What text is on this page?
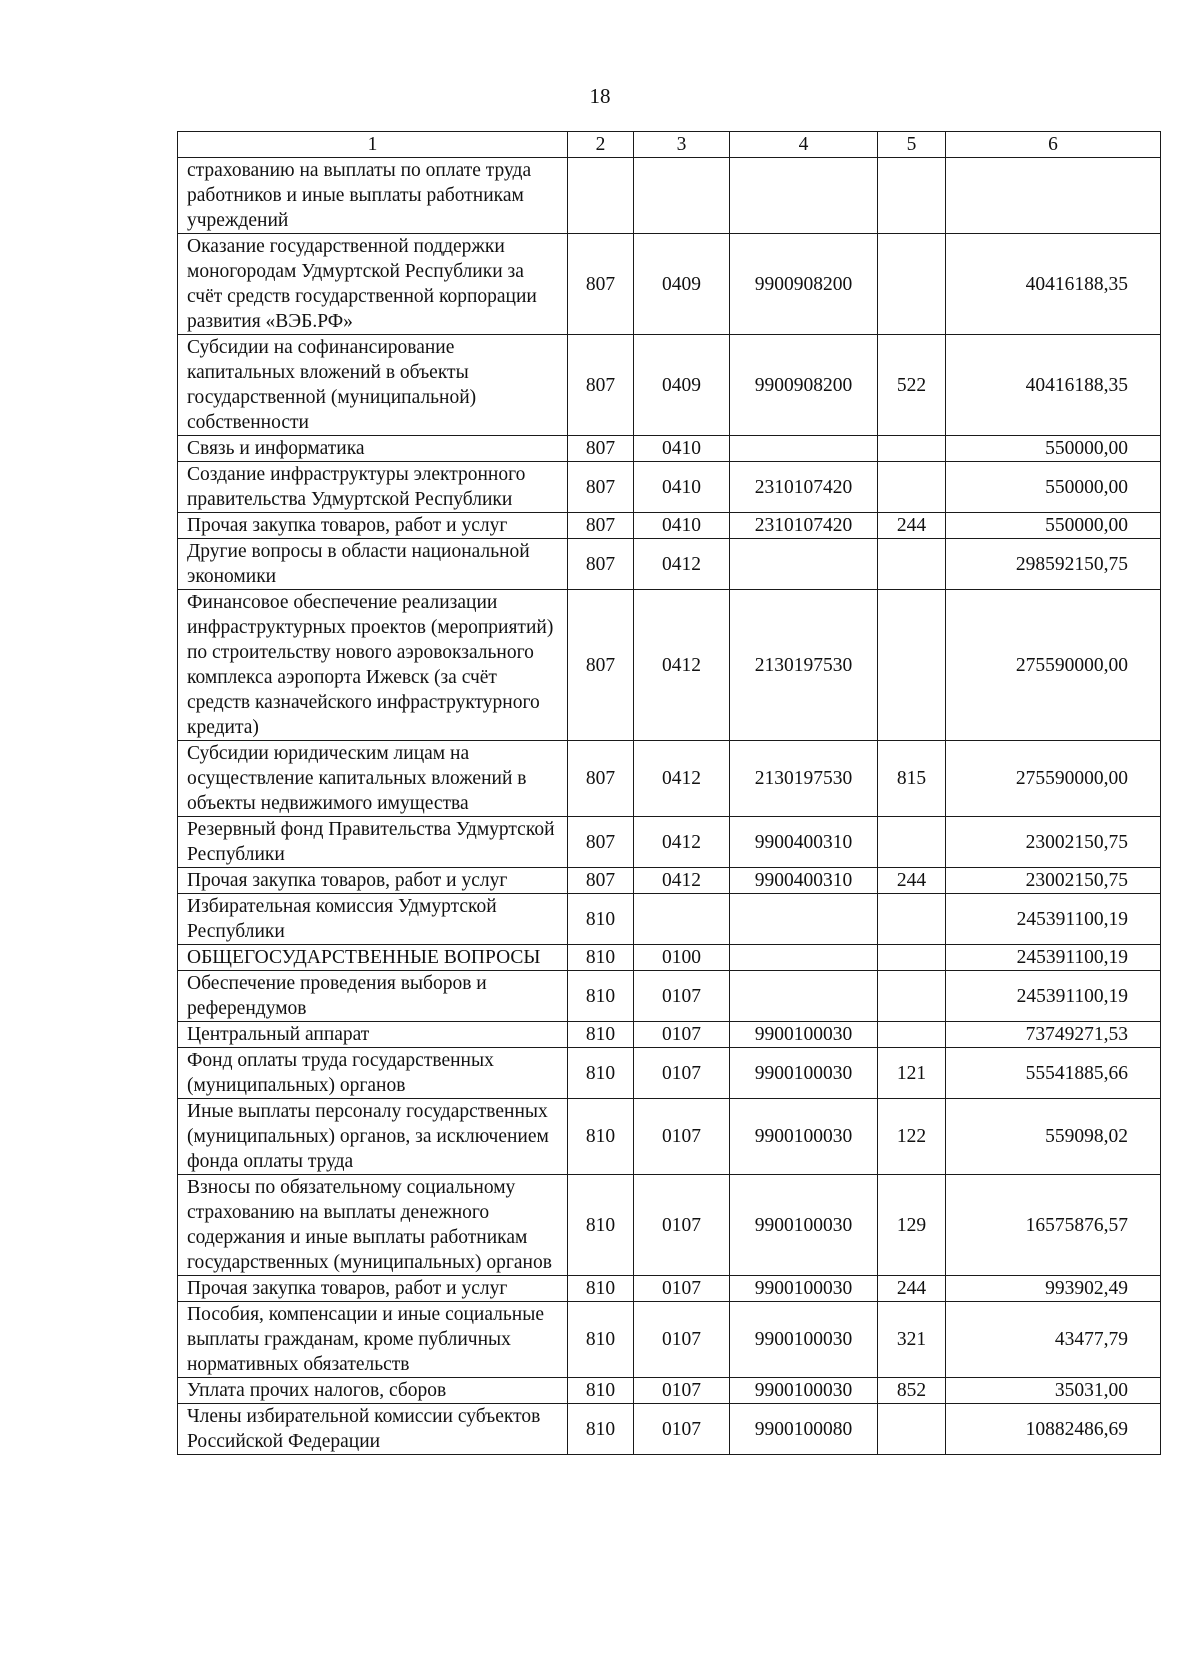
18
1	2	3	4	5	6
страхованию на выплаты по оплате труда работников и иные выплаты работникам учреждений					
Оказание государственной поддержки моногородам Удмуртской Республики за счёт средств государственной корпорации развития «ВЭБ.РФ»	807	0409	9900908200		40416188,35
Субсидии на софинансирование капитальных вложений в объекты государственной (муниципальной) собственности	807	0409	9900908200	522	40416188,35
Связь и информатика	807	0410			550000,00
Создание инфраструктуры электронного правительства Удмуртской Республики	807	0410	2310107420		550000,00
Прочая закупка товаров, работ и услуг	807	0410	2310107420	244	550000,00
Другие вопросы в области национальной экономики	807	0412			298592150,75
Финансовое обеспечение реализации инфраструктурных проектов (мероприятий) по строительству нового аэровокзального комплекса аэропорта Ижевск (за счёт средств казначейского инфраструктурного кредита)	807	0412	2130197530		275590000,00
Субсидии юридическим лицам на осуществление капитальных вложений в объекты недвижимого имущества	807	0412	2130197530	815	275590000,00
Резервный фонд Правительства Удмуртской Республики	807	0412	9900400310		23002150,75
Прочая закупка товаров, работ и услуг	807	0412	9900400310	244	23002150,75
Избирательная комиссия Удмуртской Республики	810				245391100,19
ОБЩЕГОСУДАРСТВЕННЫЕ ВОПРОСЫ	810	0100			245391100,19
Обеспечение проведения выборов и референдумов	810	0107			245391100,19
Центральный аппарат	810	0107	9900100030		73749271,53
Фонд оплаты труда государственных (муниципальных) органов	810	0107	9900100030	121	55541885,66
Иные выплаты персоналу государственных (муниципальных) органов, за исключением фонда оплаты труда	810	0107	9900100030	122	559098,02
Взносы по обязательному социальному страхованию на выплаты денежного содержания и иные выплаты работникам государственных (муниципальных) органов	810	0107	9900100030	129	16575876,57
Прочая закупка товаров, работ и услуг	810	0107	9900100030	244	993902,49
Пособия, компенсации и иные социальные выплаты гражданам, кроме публичных нормативных обязательств	810	0107	9900100030	321	43477,79
Уплата прочих налогов, сборов	810	0107	9900100030	852	35031,00
Члены избирательной комиссии субъектов Российской Федерации	810	0107	9900100080		10882486,69
